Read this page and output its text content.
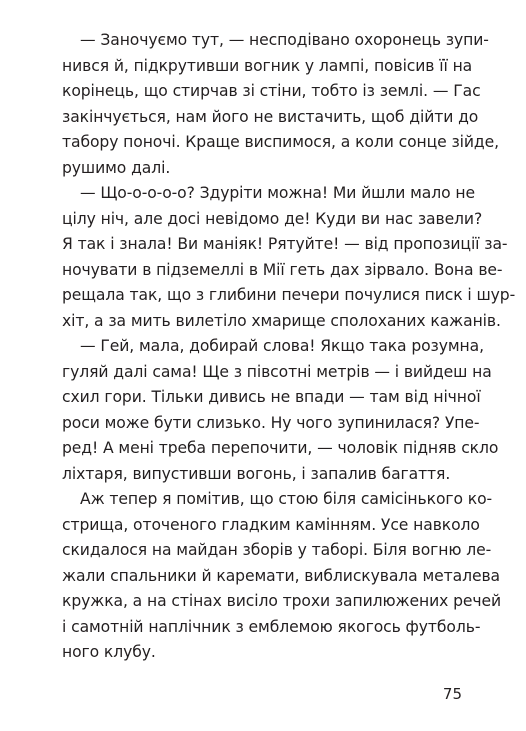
— Заночуємо тут, — несподівано охоронець зупи-
нився й, підкрутивши вогник у лампі, повісив її на
корінець, що стирчав зі стіни, тобто із землі. — Гас
закінчується, нам його не вистачить, щоб дійти до
табору поночі. Краще виспимося, а коли сонце зійде,
рушимо далі.
— Що-о-о-о-о? Здуріти можна! Ми йшли мало не
цілу ніч, але досі невідомо де! Куди ви нас завели?
Я так і знала! Ви маніяк! Рятуйте! — від пропозиції за-
ночувати в підземеллі в Мії геть дах зірвало. Вона ве-
рещала так, що з глибини печери почулися писк і шур-
хіт, а за мить вилетіло хмарище сполоханих кажанів.
— Гей, мала, добирай слова! Якщо така розумна,
гуляй далі сама! Ще з півсотні метрів — і вийдеш на
схил гори. Тільки дивись не впади — там від нічної
роси може бути слизько. Ну чого зупинилася? Упе-
ред! А мені треба перепочити, — чоловік підняв скло
ліхтаря, випустивши вогонь, і запалив багаття.
Аж тепер я помітив, що стою біля самісінького ко-
стрища, оточеного гладким камінням. Усе навколо
скидалося на майдан зборів у таборі. Біля вогню ле-
жали спальники й каремати, виблискувала металева
кружка, а на стінах висіло трохи запилюжених речей
і самотній наплічник з емблемою якогось футболь-
ного клубу.
75
